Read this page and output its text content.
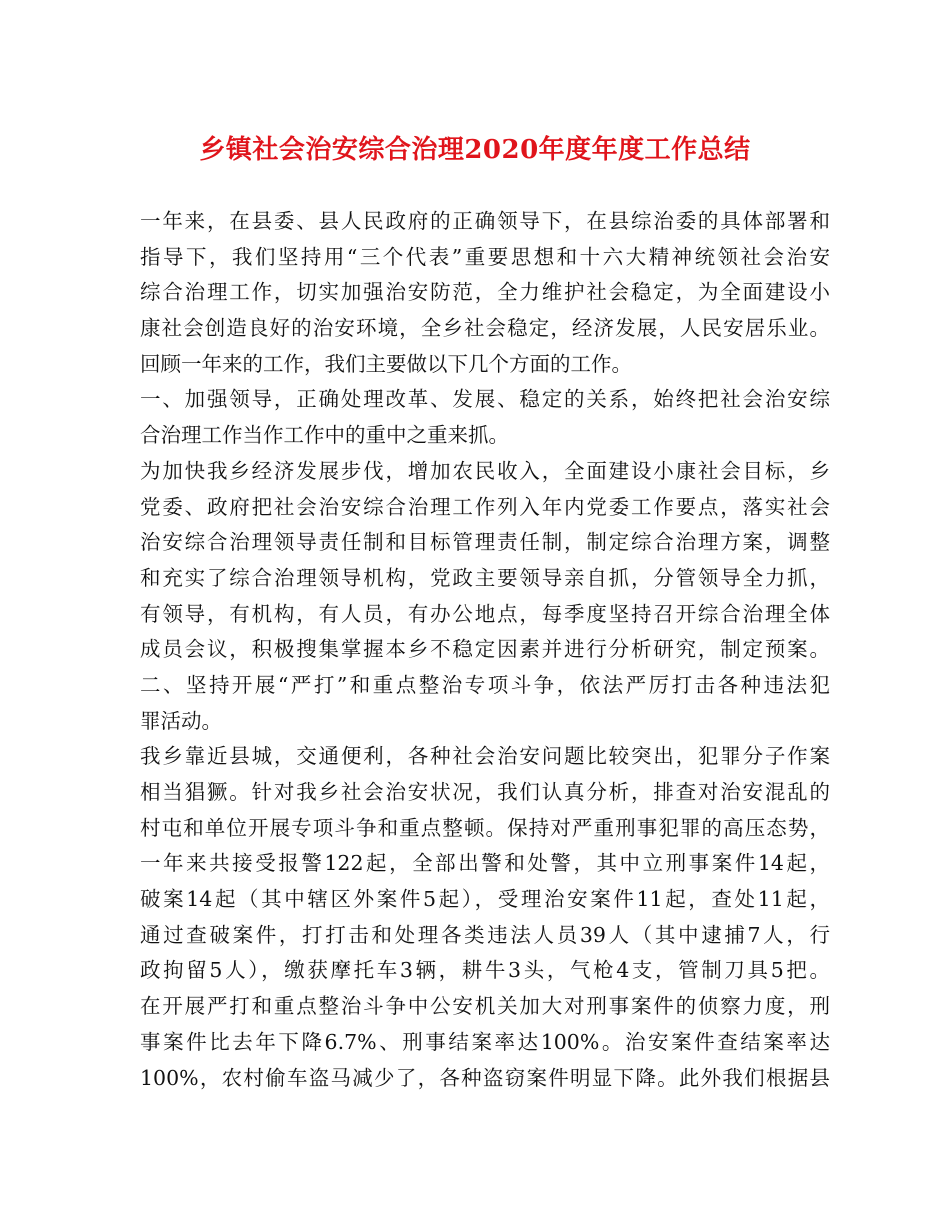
乡镇社会治安综合治理2020年度年度工作总结
一年来，在县委、县人民政府的正确领导下，在县综治委的具体部署和
指导下，我们坚持用“三个代表”重要思想和十六大精神统领社会治安
综合治理工作，切实加强治安防范，全力维护社会稳定，为全面建设小
康社会创造良好的治安环境，全乡社会稳定，经济发展，人民安居乐业。
回顾一年来的工作，我们主要做以下几个方面的工作。
一、加强领导，正确处理改革、发展、稳定的关系，始终把社会治安综
合治理工作当作工作中的重中之重来抓。
为加快我乡经济发展步伐，增加农民收入，全面建设小康社会目标，乡
党委、政府把社会治安综合治理工作列入年内党委工作要点，落实社会
治安综合治理领导责任制和目标管理责任制，制定综合治理方案，调整
和充实了综合治理领导机构，党政主要领导亲自抓，分管领导全力抓，
有领导，有机构，有人员，有办公地点，每季度坚持召开综合治理全体
成员会议，积极搜集掌握本乡不稳定因素并进行分析研究，制定预案。
二、坚持开展“严打”和重点整治专项斗争，依法严厉打击各种违法犯
罪活动。
我乡靠近县城，交通便利，各种社会治安问题比较突出，犯罪分子作案
相当猖獗。针对我乡社会治安状况，我们认真分析，排查对治安混乱的
村屯和单位开展专项斗争和重点整顿。保持对严重刑事犯罪的高压态势，
一年来共接受报警122起，全部出警和处警，其中立刑事案件14起，
破案14起（其中辖区外案件5起），受理治安案件11起，查处11起，
通过查破案件，打打击和处理各类违法人员39人（其中逮捕7人，行
政拘留5人），缴获摩托车3辆，耕牛3头，气枪4支，管制刀具5把。
在开展严打和重点整治斗争中公安机关加大对刑事案件的侦察力度，刑
事案件比去年下降6.7%、刑事结案率达100%。治安案件查结案率达
100%，农村偷车盗马减少了，各种盗窃案件明显下降。此外我们根据县
